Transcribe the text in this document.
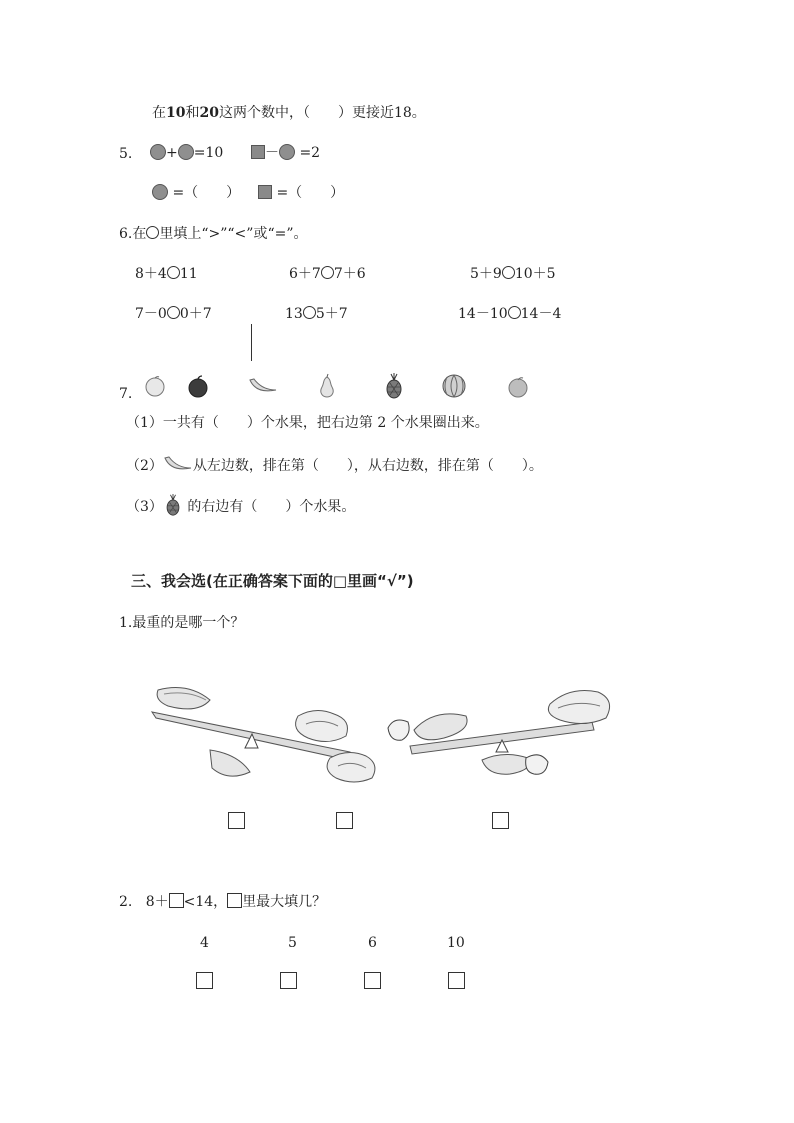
在10和20这两个数中，（　　）更接近18。
5.	+ =10	－ =2
=（　　）	=（　　）
6.在 里填上“>”“<”或“=”。
8＋4 11	6＋7 7＋6	5＋9 10＋5
7－0 0＋7	13 5＋7	14－10 14－4
7.
（1）一共有（　　）个水果，把右边第 2 个水果圈出来。
（2） 从左边数，排在第（　　），从右边数，排在第（　　）。
（3） 的右边有（　　）个水果。
三、我会选(在正确答案下面的□里画“√”)
1.最重的是哪一个？
2. 8＋ <14， 里最大填几？
4	5	6	10
